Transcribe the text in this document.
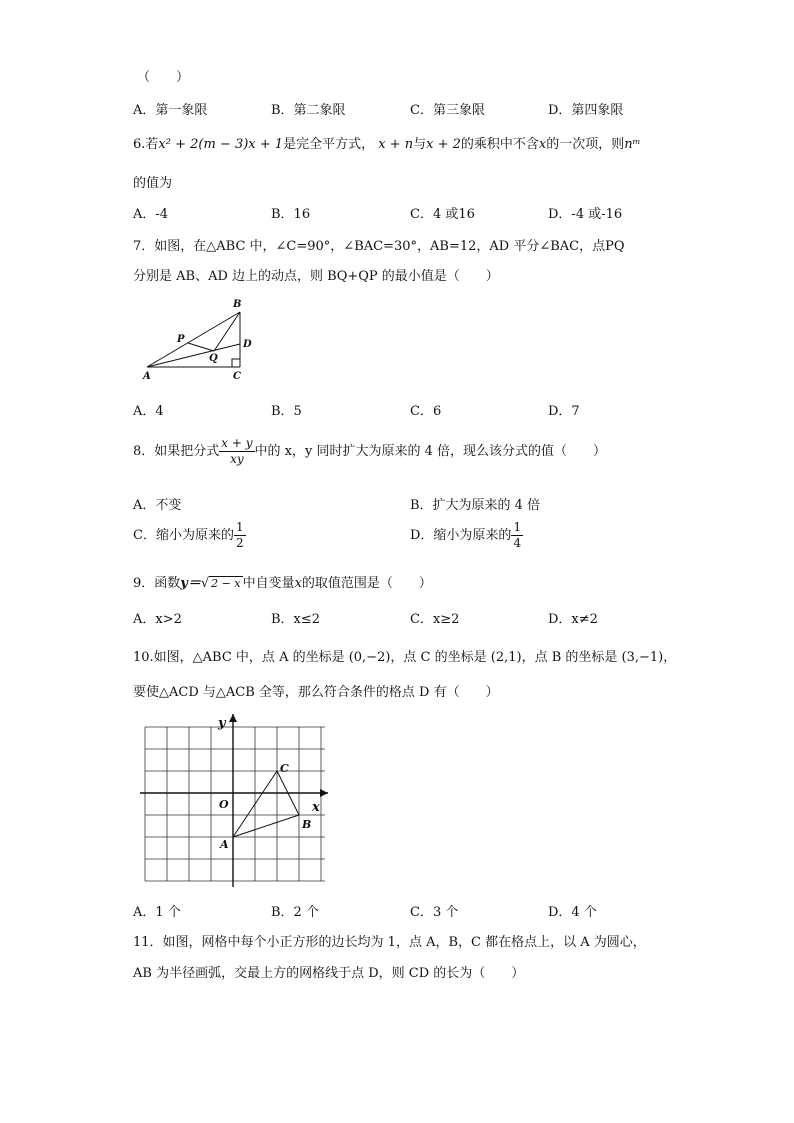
（　　）
A．第一象限	B．第二象限	C．第三象限	D．第四象限
6.若x² + 2(m − 3)x + 1是完全平方式， x + n与x + 2的乘积中不含x的一次项，则nᵐ
的值为
A．-4	B．16	C．4 或16	D．-4 或-16
7．如图，在△ABC 中，∠C=90°，∠BAC=30°，AB=12，AD 平分∠BAC，点PQ
分别是 AB、AD 边上的动点，则 BQ+QP 的最小值是（　　）
B
P
Q
D
A	C
A．4	B．5	C．6	D．7
8．如果把分式 $\frac{x + y}{xy}$ 中的 x，y 同时扩大为原来的 4 倍，现么该分式的值（　　）
A．不变	B．扩大为原来的 4 倍
C．缩小为原来的 $\frac{1}{2}$	D．缩小为原来的 $\frac{1}{4}$
9．函数y＝√ 2 − x 中自变量x的取值范围是（　　）
A．x>2	B．x≤2	C．x≥2	D．x≠2
10.如图，△ABC 中，点 A 的坐标是 (0,−2)，点 C 的坐标是 (2,1)，点 B 的坐标是 (3,−1)，
要使△ACD 与△ACB 全等，那么符合条件的格点 D 有（　　）
y
x
O
C
B
A
A．1 个	B．2 个	C．3 个	D．4 个
11．如图，网格中每个小正方形的边长均为 1，点 A，B，C 都在格点上，以 A 为圆心，
AB 为半径画弧，交最上方的网格线于点 D，则 CD 的长为（　　）
